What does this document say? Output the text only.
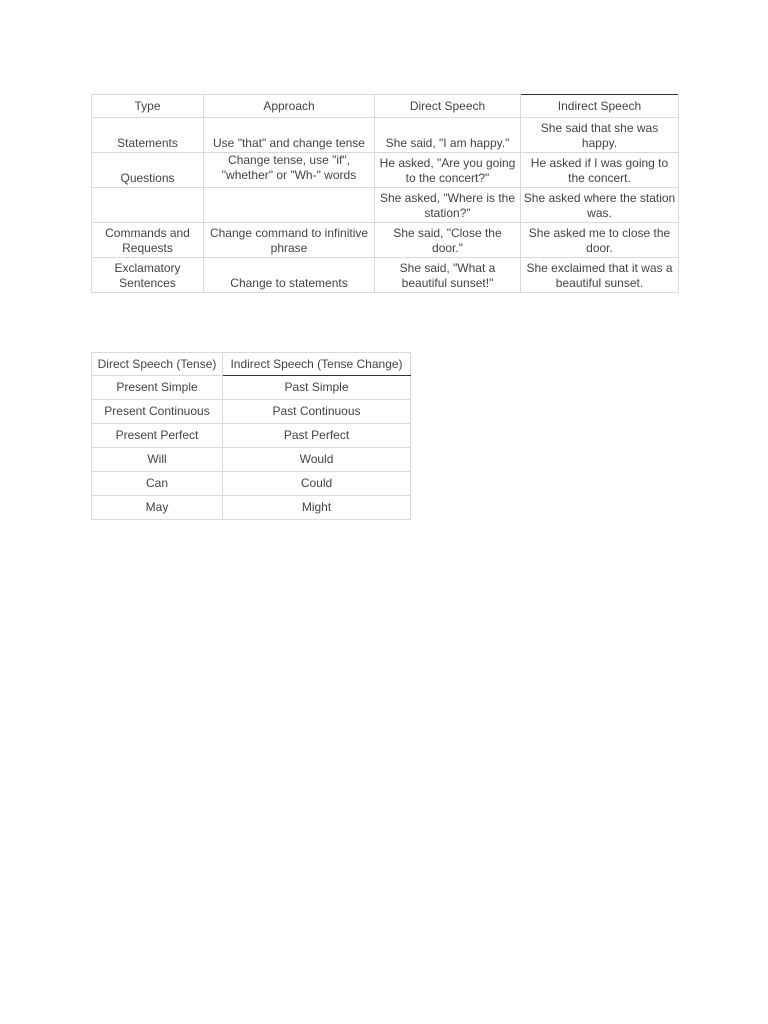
Type	Approach	Direct Speech	Indirect Speech
Statements	Use "that" and change tense	She said, "I am happy."	She said that she was happy.
Questions	Change tense, use "if", "whether" or "Wh-" words	He asked, "Are you going to the concert?"	He asked if I was going to the concert.
		She asked, "Where is the station?"	She asked where the station was.
Commands and Requests	Change command to infinitive phrase	She said, "Close the door."	She asked me to close the door.
Exclamatory Sentences	Change to statements	She said, "What a beautiful sunset!"	She exclaimed that it was a beautiful sunset.
Direct Speech (Tense)	Indirect Speech (Tense Change)
Present Simple	Past Simple
Present Continuous	Past Continuous
Present Perfect	Past Perfect
Will	Would
Can	Could
May	Might
